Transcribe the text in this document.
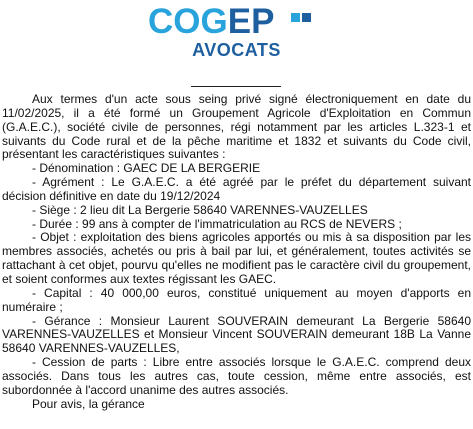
COGEP
AVOCATS

Aux termes d'un acte sous seing privé signé électroniquement en date du 11/02/2025, il a été formé un Groupement Agricole d'Exploitation en Commun (G.A.E.C.), société civile de personnes, régi notamment par les articles L.323-1 et suivants du Code rural et de la pêche maritime et 1832 et suivants du Code civil, présentant les caractéristiques suivantes :

- Dénomination : GAEC DE LA BERGERIE

- Agrément : Le G.A.E.C. a été agréé par le préfet du département suivant décision définitive en date du 19/12/2024

- Siège : 2 lieu dit La Bergerie 58640 VARENNES-VAUZELLES

- Durée : 99 ans à compter de l'immatriculation au RCS de NEVERS ;

- Objet : exploitation des biens agricoles apportés ou mis à sa disposition par les membres associés, achetés ou pris à bail par lui, et généralement, toutes activités se rattachant à cet objet, pourvu qu'elles ne modifient pas le caractère civil du groupement, et soient conformes aux textes régissant les GAEC.

- Capital : 40 000,00 euros, constitué uniquement au moyen d'apports en numéraire ;

- Gérance : Monsieur Laurent SOUVERAIN demeurant La Bergerie 58640 VARENNES-VAUZELLES et Monsieur Vincent SOUVERAIN demeurant 18B La Vanne 58640 VARENNES-VAUZELLES,

- Cession de parts : Libre entre associés lorsque le G.A.E.C. comprend deux associés. Dans tous les autres cas, toute cession, même entre associés, est subordonnée à l'accord unanime des autres associés.

Pour avis, la gérance
